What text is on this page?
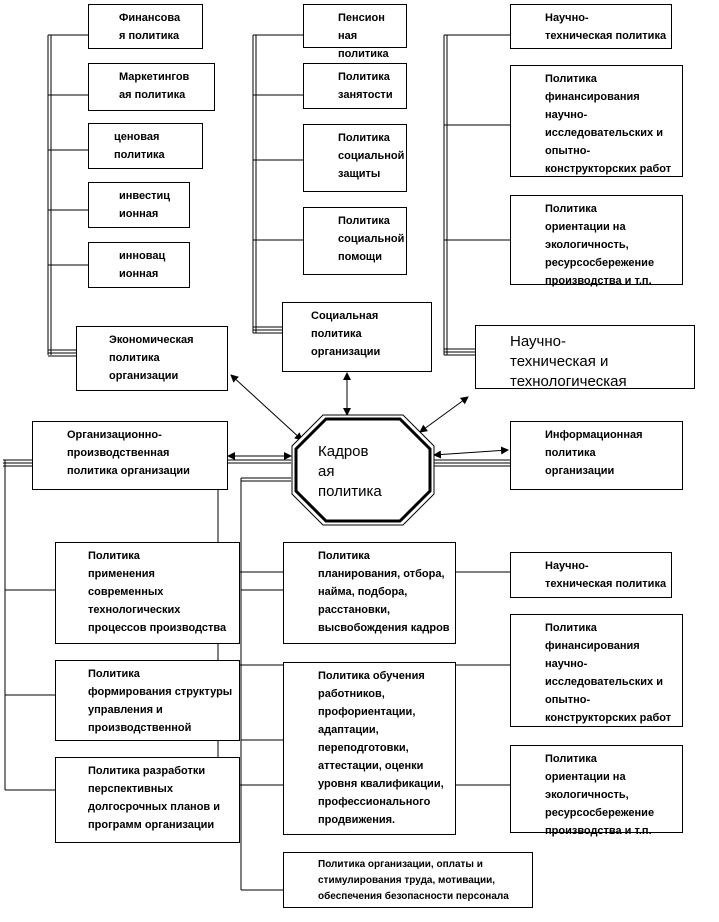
Кадров
ая
политика
Финансова
я политика
Маркетингов
ая политика
ценовая
политика
инвестиц
ионная
инновац
ионная
Экономическая
политика
организации
Пенсион
ная политика
Политика
занятости
Политика
социальной
защиты
Политика
социальной
помощи
Социальная
политика
организации
Научно-
техническая политика
Политика
финансирования
научно-
исследовательских и
опытно-
конструкторских работ
Политика
ориентации на
экологичность,
ресурсосбережение
производства и т.п.
Научно-
техническая и
технологическая
Информационная
политика
организации
Организационно-
производственная
политика организации
Политика
применения
современных
технологических
процессов производства
Политика
формирования структуры
управления и
производственной
Политика разработки
перспективных
долгосрочных планов и
программ организации
Политика
планирования, отбора,
найма, подбора,
расстановки,
высвобождения кадров
Политика обучения
работников,
профориентации,
адаптации,
переподготовки,
аттестации, оценки
уровня квалификации,
профессионального
продвижения.
Политика организации, оплаты и
стимулирования труда, мотивации,
обеспечения безопасности персонала
Научно-
техническая политика
Политика
финансирования
научно-
исследовательских и
опытно-
конструкторских работ
Политика
ориентации на
экологичность,
ресурсосбережение
производства и т.п.
